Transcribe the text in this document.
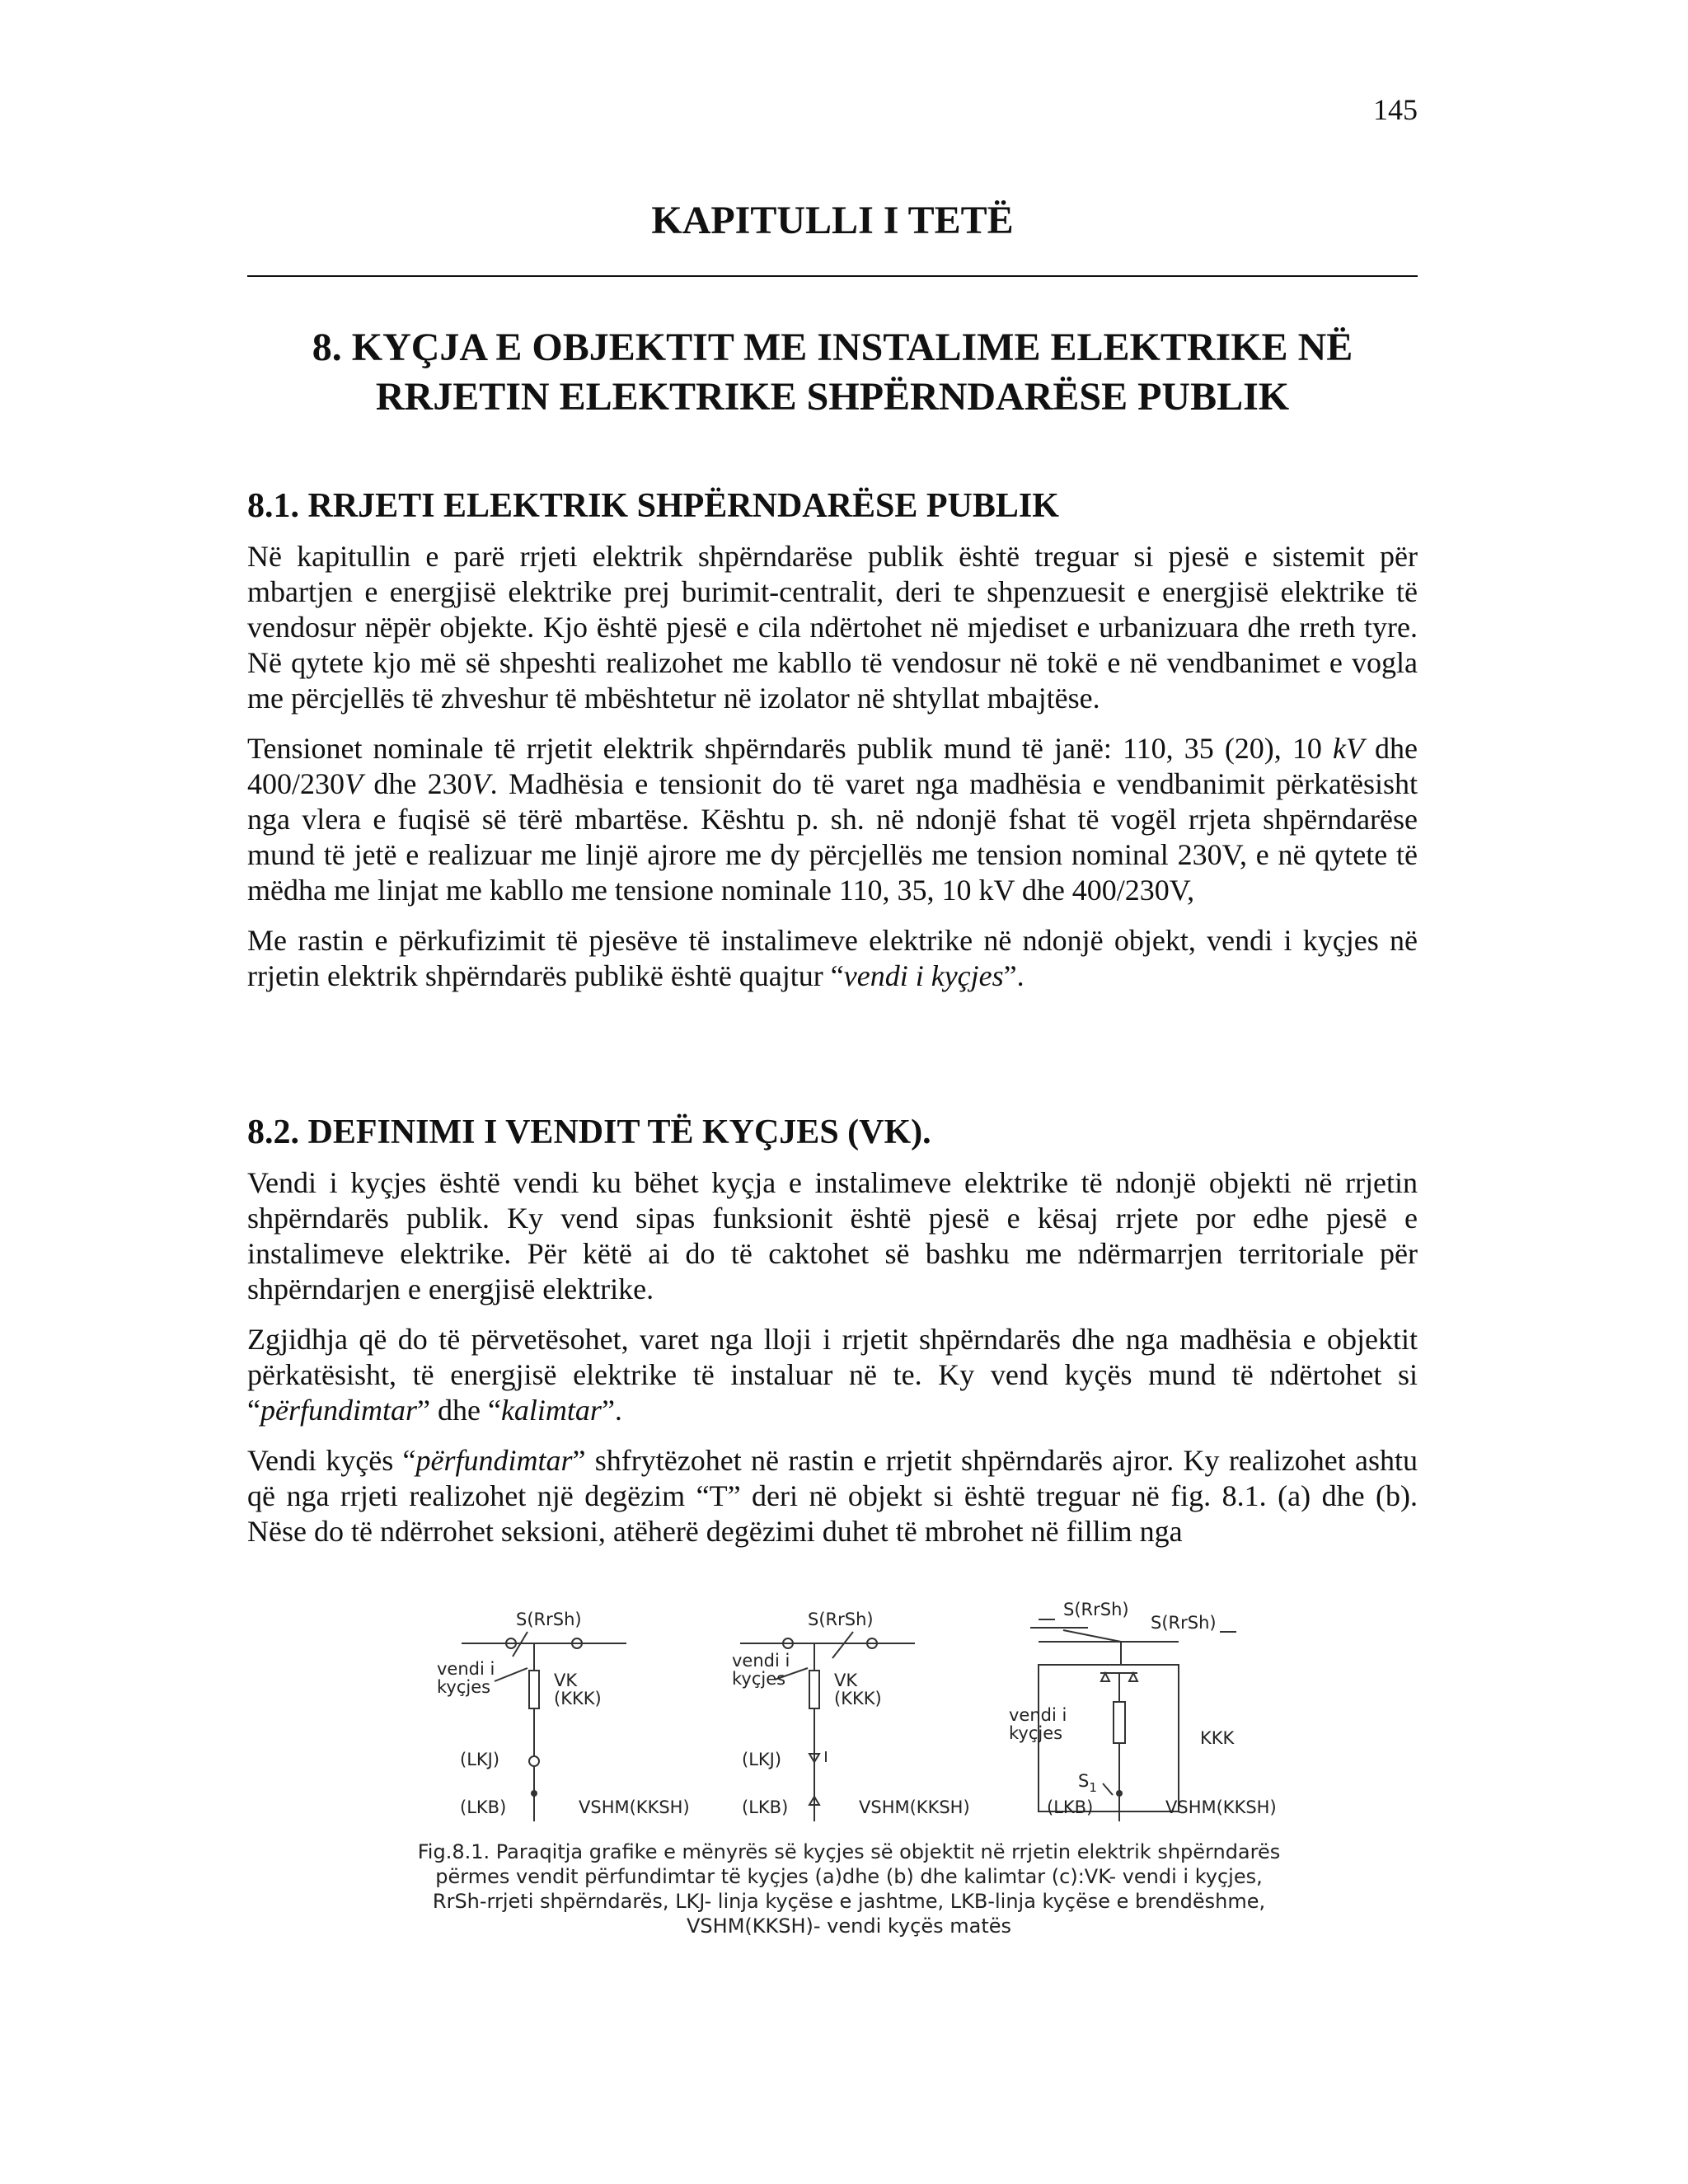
145
KAPITULLI I TETË
8. KYÇJA E OBJEKTIT ME INSTALIME ELEKTRIKE NË
RRJETIN ELEKTRIKE SHPËRNDARËSE PUBLIK
8.1. RRJETI ELEKTRIK SHPËRNDARËSE PUBLIK

Në kapitullin e parë rrjeti elektrik shpërndarëse publik është treguar si pjesë e sistemit për mbartjen e energjisë elektrike prej burimit-centralit, deri te shpenzuesit e energjisë elektrike të vendosur nëpër objekte. Kjo është pjesë e cila ndërtohet në mjediset e urbanizuara dhe rreth tyre. Në qytete kjo më së shpeshti realizohet me kabllo të vendosur në tokë e në vendbanimet e vogla me përcjellës të zhveshur të mbështetur në izolator në shtyllat mbajtëse.

Tensionet nominale të rrjetit elektrik shpërndarës publik mund të janë: 110, 35 (20), 10 kV dhe 400/230V dhe 230V. Madhësia e tensionit do të varet nga madhësia e vendbanimit përkatësisht nga vlera e fuqisë së tërë mbartëse. Kështu p. sh. në ndonjë fshat të vogël rrjeta shpërndarëse mund të jetë e realizuar me linjë ajrore me dy përcjellës me tension nominal 230V, e në qytete të mëdha me linjat me kabllo me tensione nominale 110, 35, 10 kV dhe 400/230V,

Me rastin e përkufizimit të pjesëve të instalimeve elektrike në ndonjë objekt, vendi i kyçjes në rrjetin elektrik shpërndarës publikë është quajtur “vendi i kyçjes”.

8.2. DEFINIMI I VENDIT TË KYÇJES (VK).

Vendi i kyçjes është vendi ku bëhet kyçja e instalimeve elektrike të ndonjë objekti në rrjetin shpërndarës publik. Ky vend sipas funksionit është pjesë e kësaj rrjete por edhe pjesë e instalimeve elektrike. Për këtë ai do të caktohet së bashku me ndërmarrjen territoriale për shpërndarjen e energjisë elektrike.

Zgjidhja që do të përvetësohet, varet nga lloji i rrjetit shpërndarës dhe nga madhësia e objektit përkatësisht, të energjisë elektrike të instaluar në te. Ky vend kyçës mund të ndërtohet si “përfundimtar” dhe “kalimtar”.

Vendi kyçës “përfundimtar” shfrytëzohet në rastin e rrjetit shpërndarës ajror. Ky realizohet ashtu që nga rrjeti realizohet një degëzim “T” deri në objekt si është treguar në fig. 8.1. (a) dhe (b). Nëse do të ndërrohet seksioni, atëherë degëzimi duhet të mbrohet në fillim nga

S(RrSh)
vendi i
kyçjes	VK
(KKK)
(LKJ)
(LKB)	VSHM(KKSH)
S(RrSh)
vendi i
kyçjes	VK
(KKK)
(LKJ)
(LKB)	VSHM(KKSH)
S(RrSh)
S(RrSh)
vendi i
kyçjes	KKK
$S_1$
(LKB)	VSHM(KKSH)
Fig.8.1. Paraqitja grafike e mënyrës së kyçjes së objektit në rrjetin elektrik shpërndarës
përmes vendit përfundimtar të kyçjes (a)dhe (b) dhe kalimtar (c):VK- vendi i kyçjes,
RrSh-rrjeti shpërndarës, LKJ- linja kyçëse e jashtme, LKB-linja kyçëse e brendëshme,
VSHM(KKSH)- vendi kyçës matës
